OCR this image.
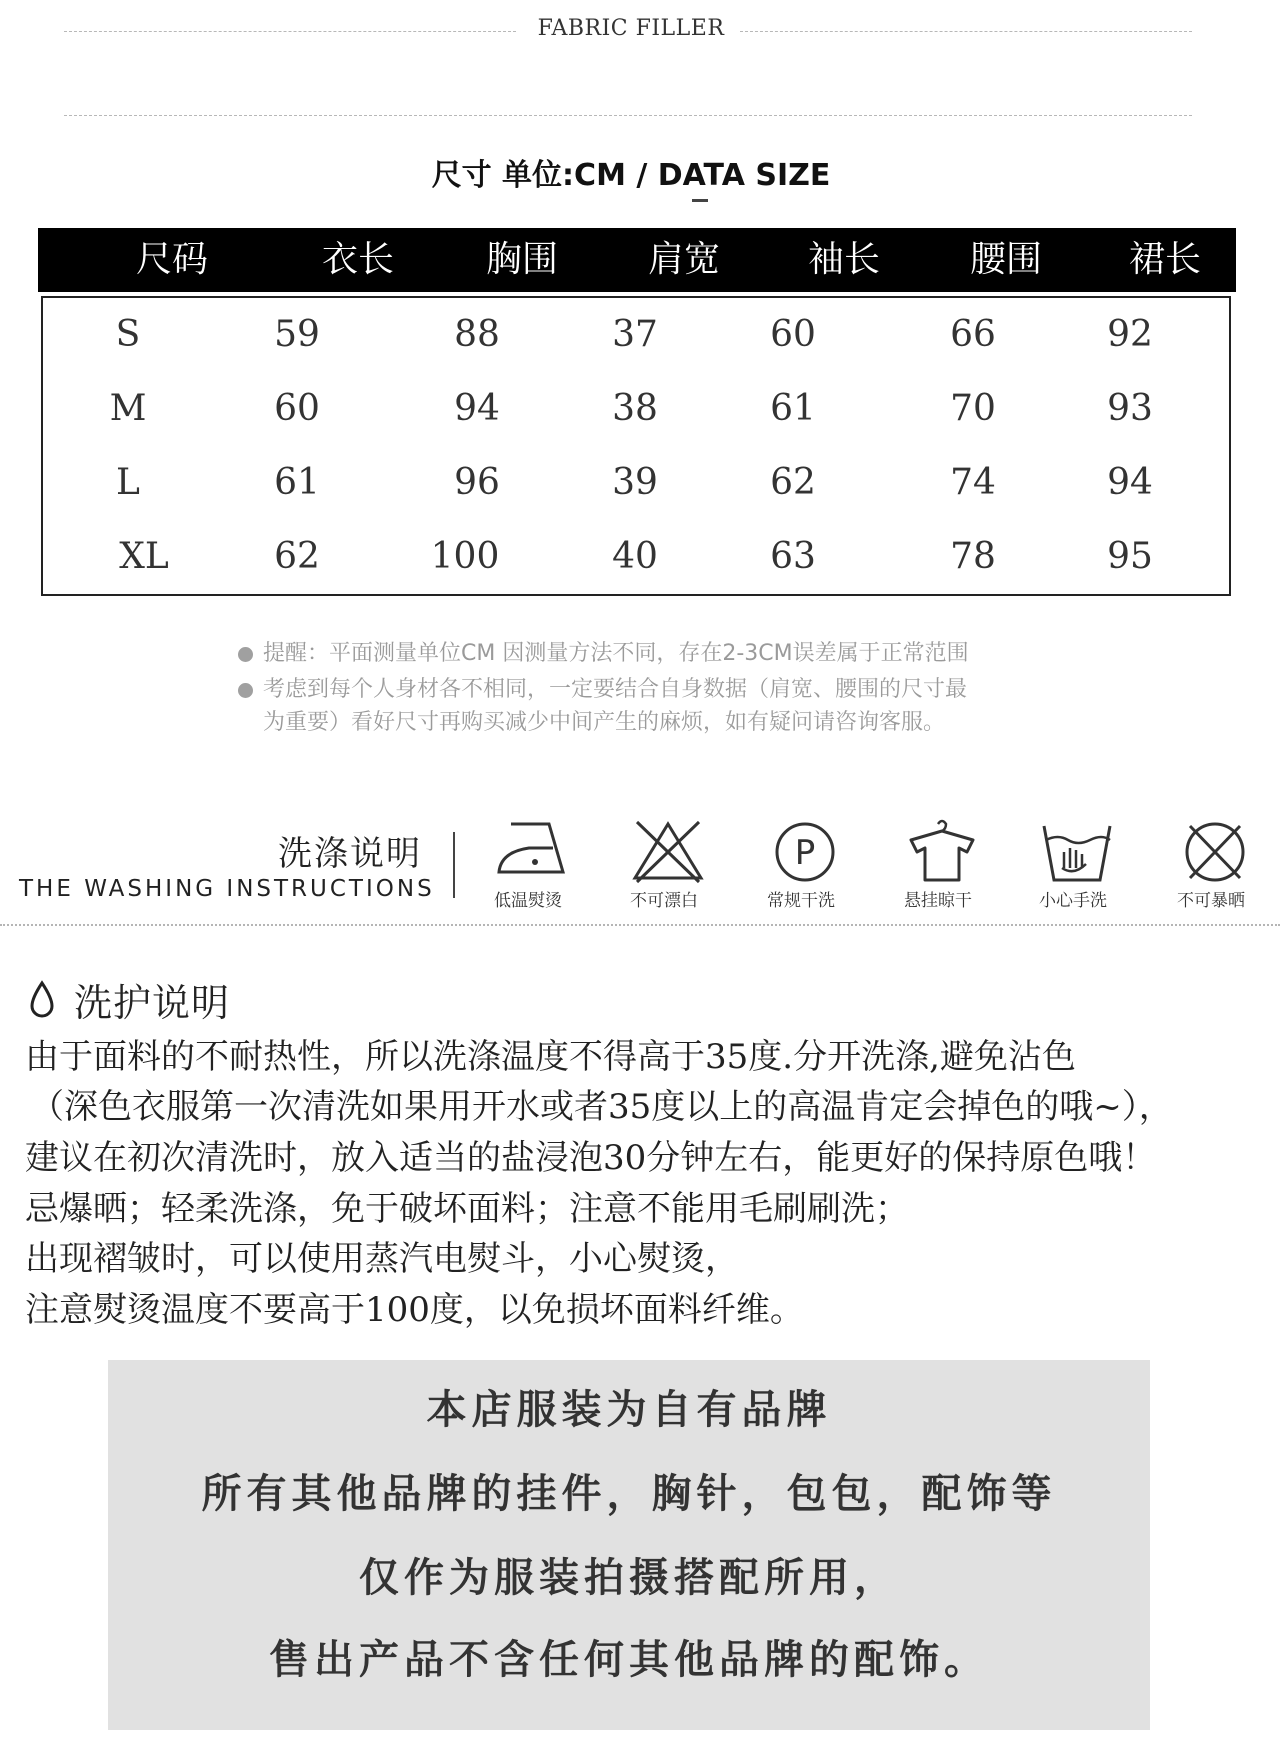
FABRIC FILLER
尺寸 单位:CM / DATA SIZE
尺码	衣长	胸围	肩宽	袖长	腰围	裙长
S	59	88	37	60	66	92
M	60	94	38	61	70	93
L	61	96	39	62	74	94
XL	62	100	40	63	78	95
提醒：平面测量单位CM 因测量方法不同，存在2-3CM误差属于正常范围
考虑到每个人身材各不相同，一定要结合自身数据（肩宽、腰围的尺寸最
为重要）看好尺寸再购买减少中间产生的麻烦，如有疑问请咨询客服。
洗涤说明
THE WASHING INSTRUCTIONS	低温熨烫	不可漂白
P
常规干洗	悬挂晾干	小心手洗	不可暴晒
洗护说明
由于面料的不耐热性，所以洗涤温度不得高于35度.分开洗涤,避免沾色
（深色衣服第一次清洗如果用开水或者35度以上的高温肯定会掉色的哦~），
建议在初次清洗时，放入适当的盐浸泡30分钟左右，能更好的保持原色哦！
忌爆晒；轻柔洗涤，免于破坏面料；注意不能用毛刷刷洗；
出现褶皱时，可以使用蒸汽电熨斗，小心熨烫，
注意熨烫温度不要高于100度，以免损坏面料纤维。
本店服装为自有品牌
所有其他品牌的挂件，胸针，包包，配饰等
仅作为服装拍摄搭配所用，
售出产品不含任何其他品牌的配饰。
